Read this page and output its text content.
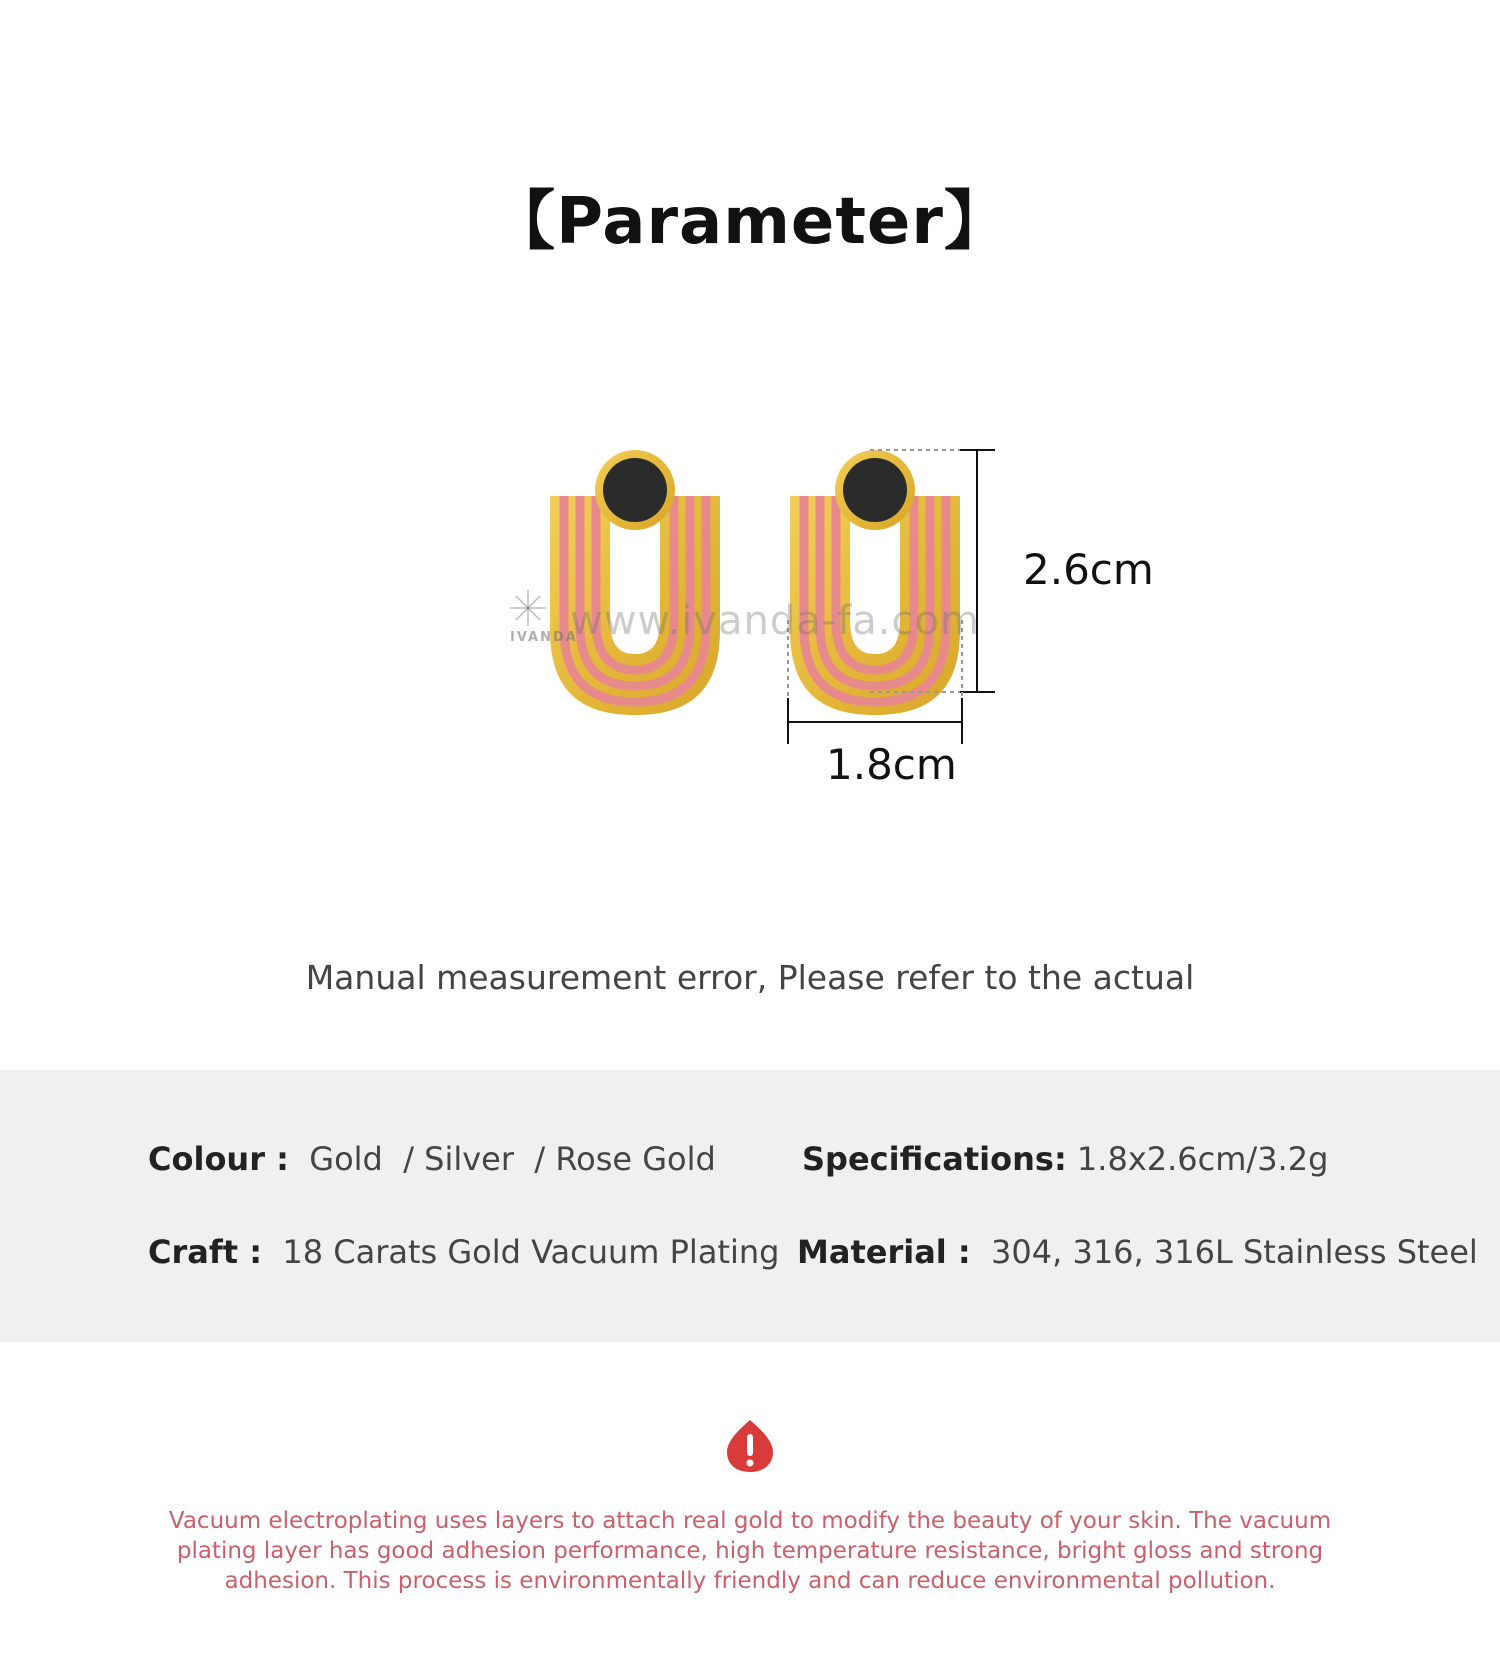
【Parameter】
IVANDA
www.ivanda-fa.com
2.6cm
1.8cm
Manual measurement error, Please refer to the actual
Colour : Gold  / Silver  / Rose Gold	Specifications: 1.8x2.6cm/3.2g
Craft : 18 Carats Gold Vacuum Plating Material : 304, 316, 316L Stainless Steel
Vacuum electroplating uses layers to attach real gold to modify the beauty of your skin. The vacuum plating layer has good adhesion performance, high temperature resistance, bright gloss and strong adhesion. This process is environmentally friendly and can reduce environmental pollution.
